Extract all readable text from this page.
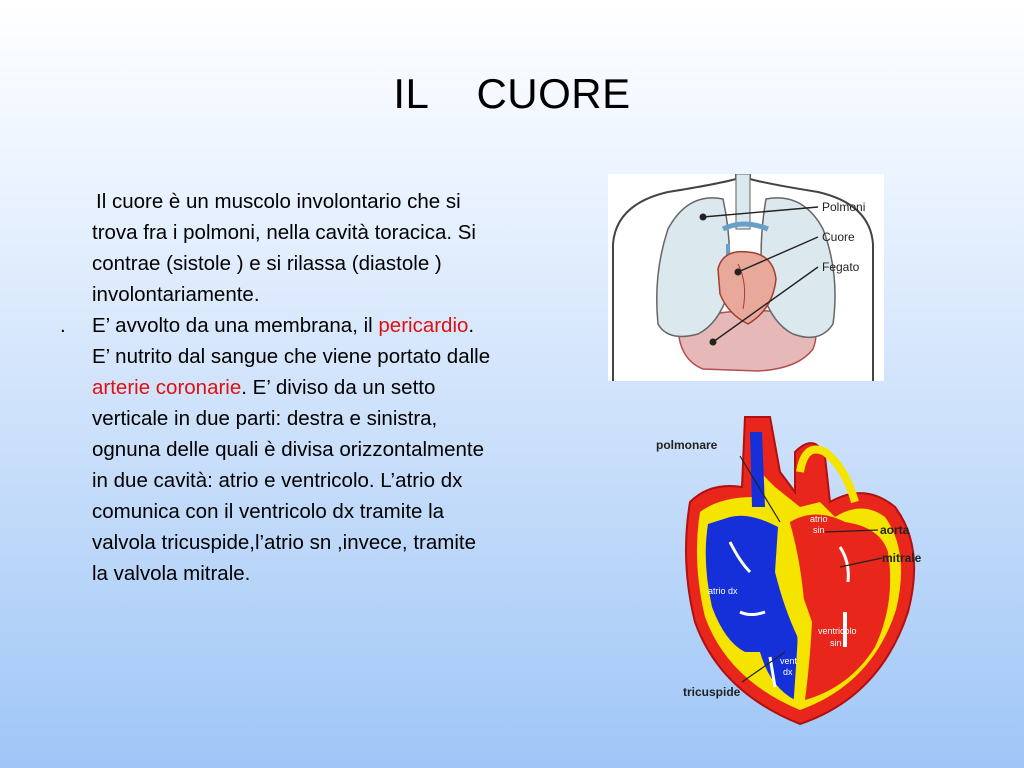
IL    CUORE

Il cuore è un muscolo involontario che si trova fra i polmoni, nella cavità toracica. Si contrae (sistole ) e si rilassa (diastole ) involontariamente.

. E’ avvolto da una membrana, il pericardio. E’ nutrito dal sangue che viene portato dalle arterie coronarie. E’ diviso da un setto verticale in due parti: destra e sinistra, ognuna delle quali è divisa orizzontalmente in due cavità: atrio e ventricolo. L’atrio dx comunica con il ventricolo dx tramite la valvola tricuspide,l’atrio sn ,invece, tramite la valvola mitrale.

Polmoni
Cuore
Fegato
polmonare
aorta
mitrale
tricuspide
atrio
sin
atrio dx
ventricolo
sin
vent
dx
